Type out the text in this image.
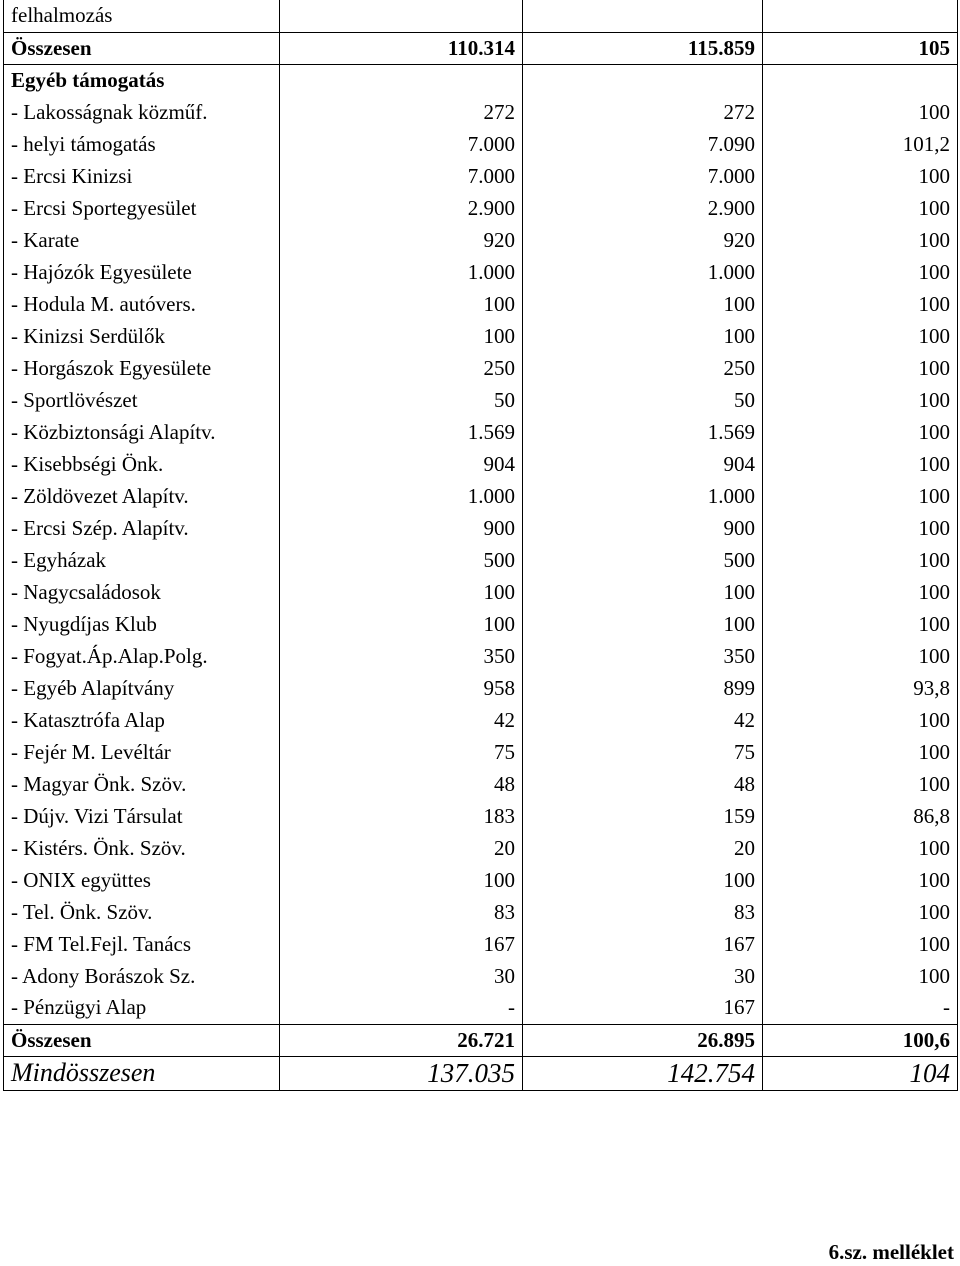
felhalmozás			
Összesen	110.314	115.859	105
Egyéb támogatás			
- Lakosságnak közműf.	272	272	100
- helyi támogatás	7.000	7.090	101,2
- Ercsi Kinizsi	7.000	7.000	100
- Ercsi Sportegyesület	2.900	2.900	100
- Karate	920	920	100
- Hajózók Egyesülete	1.000	1.000	100
- Hodula M. autóvers.	100	100	100
- Kinizsi Serdülők	100	100	100
- Horgászok Egyesülete	250	250	100
- Sportlövészet	50	50	100
- Közbiztonsági Alapítv.	1.569	1.569	100
- Kisebbségi Önk.	904	904	100
- Zöldövezet Alapítv.	1.000	1.000	100
- Ercsi Szép. Alapítv.	900	900	100
- Egyházak	500	500	100
- Nagycsaládosok	100	100	100
- Nyugdíjas Klub	100	100	100
- Fogyat.Áp.Alap.Polg.	350	350	100
- Egyéb Alapítvány	958	899	93,8
- Katasztrófa Alap	42	42	100
- Fejér M. Levéltár	75	75	100
- Magyar Önk. Szöv.	48	48	100
- Dújv. Vizi Társulat	183	159	86,8
- Kistérs. Önk. Szöv.	20	20	100
- ONIX együttes	100	100	100
- Tel. Önk. Szöv.	83	83	100
- FM Tel.Fejl. Tanács	167	167	100
- Adony Borászok Sz.	30	30	100
- Pénzügyi Alap	-	167	-
Összesen	26.721	26.895	100,6
Mindösszesen	137.035	142.754	104
6.sz. melléklet
